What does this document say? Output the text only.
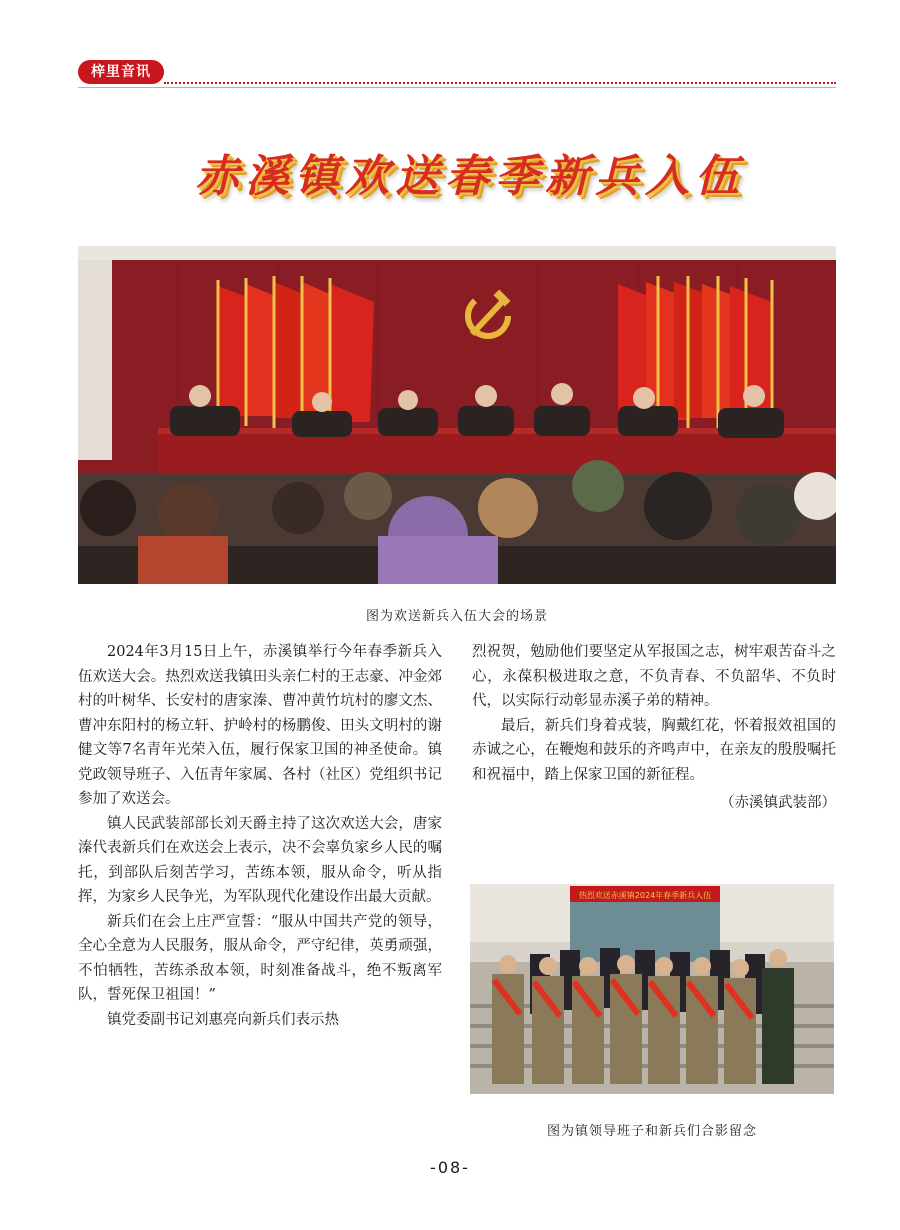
梓里音讯
赤溪镇欢送春季新兵入伍
图为欢送新兵入伍大会的场景

2024年3月15日上午，赤溪镇举行今年春季新兵入伍欢送大会。热烈欢送我镇田头亲仁村的王志豪、冲金郊村的叶树华、长安村的唐家溱、曹冲黄竹坑村的廖文杰、曹冲东阳村的杨立轩、护岭村的杨鹏俊、田头文明村的谢健文等7名青年光荣入伍，履行保家卫国的神圣使命。镇党政领导班子、入伍青年家属、各村（社区）党组织书记参加了欢送会。

镇人民武装部部长刘天爵主持了这次欢送大会，唐家溱代表新兵们在欢送会上表示，决不会辜负家乡人民的嘱托，到部队后刻苦学习，苦练本领，服从命令，听从指挥，为家乡人民争光，为军队现代化建设作出最大贡献。

新兵们在会上庄严宣誓：“服从中国共产党的领导，全心全意为人民服务，服从命令，严守纪律，英勇顽强，不怕牺牲，苦练杀敌本领，时刻准备战斗，绝不叛离军队，誓死保卫祖国！”

镇党委副书记刘惠亮向新兵们表示热

烈祝贺，勉励他们要坚定从军报国之志，树牢艰苦奋斗之心，永葆积极进取之意，不负青春、不负韶华、不负时代，以实际行动彰显赤溪子弟的精神。

最后，新兵们身着戎装，胸戴红花，怀着报效祖国的赤诚之心，在鞭炮和鼓乐的齐鸣声中，在亲友的殷殷嘱托和祝福中，踏上保家卫国的新征程。

（赤溪镇武装部）

热烈欢送赤溪镇2024年春季新兵入伍
图为镇领导班子和新兵们合影留念
-08-
